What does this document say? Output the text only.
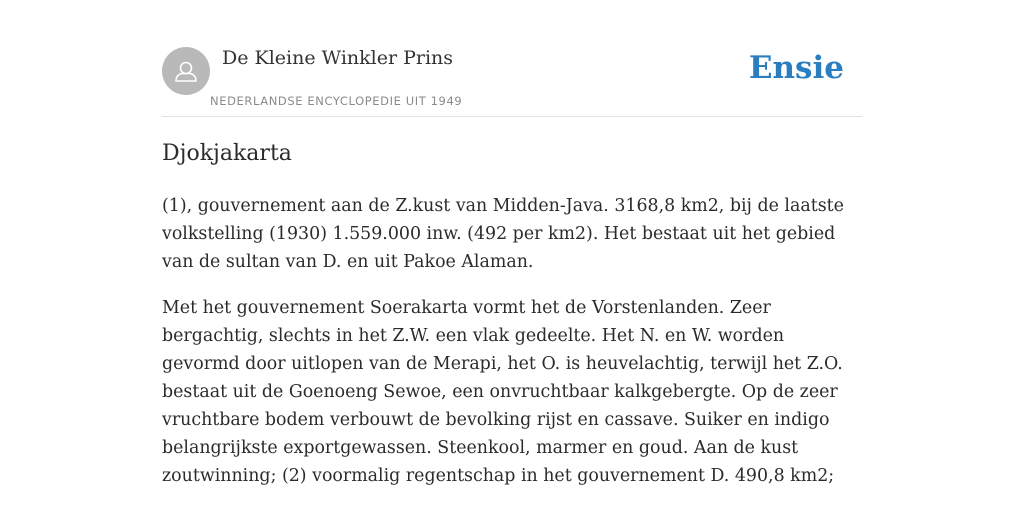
De Kleine Winkler Prins
NEDERLANDSE ENCYCLOPEDIE UIT 1949
Ensie
Djokjakarta

(1), gouvernement aan de Z.kust van Midden-Java. 3168,8 km2, bij de laatste volkstelling (1930) 1.559.000 inw. (492 per km2). Het bestaat uit het gebied van de sultan van D. en uit Pakoe Alaman.

Met het gouvernement Soerakarta vormt het de Vorstenlanden. Zeer bergachtig, slechts in het Z.W. een vlak gedeelte. Het N. en W. worden gevormd door uitlopen van de Merapi, het O. is heuvelachtig, terwijl het Z.O. bestaat uit de Goenoeng Sewoe, een onvruchtbaar kalkgebergte. Op de zeer vruchtbare bodem verbouwt de bevolking rijst en cassave. Suiker en indigo belangrijkste exportgewassen. Steenkool, marmer en goud. Aan de kust zoutwinning; (2) voormalig regentschap in het gouvernement D. 490,8 km2;
